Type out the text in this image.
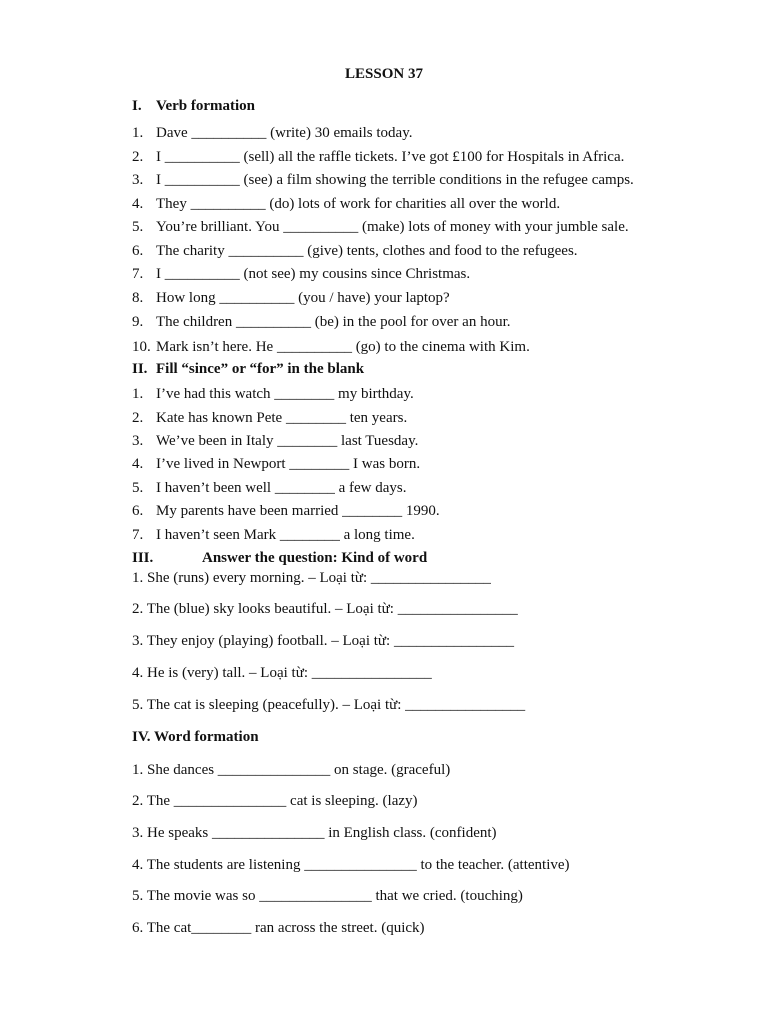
LESSON 37
I. Verb formation
1. Dave __________ (write) 30 emails today.
2. I __________ (sell) all the raffle tickets. I’ve got £100 for Hospitals in Africa.
3. I __________ (see) a film showing the terrible conditions in the refugee camps.
4. They __________ (do) lots of work for charities all over the world.
5. You’re brilliant. You __________ (make) lots of money with your jumble sale.
6. The charity __________ (give) tents, clothes and food to the refugees.
7. I __________ (not see) my cousins since Christmas.
8. How long __________ (you / have) your laptop?
9. The children __________ (be) in the pool for over an hour.
10. Mark isn’t here. He __________ (go) to the cinema with Kim.
II. Fill “since” or “for” in the blank
1. I’ve had this watch ________ my birthday.
2. Kate has known Pete ________ ten years.
3. We’ve been in Italy ________ last Tuesday.
4. I’ve lived in Newport ________ I was born.
5. I haven’t been well ________ a few days.
6. My parents have been married ________ 1990.
7. I haven’t seen Mark ________ a long time.
III.	Answer the question: Kind of word
1. She (runs) every morning. – Loại từ: ________________
2. The (blue) sky looks beautiful. – Loại từ: ________________
3. They enjoy (playing) football. – Loại từ: ________________
4. He is (very) tall. – Loại từ: ________________
5. The cat is sleeping (peacefully). – Loại từ: ________________
IV. Word formation
1. She dances _______________ on stage. (graceful)
2. The _______________ cat is sleeping. (lazy)
3. He speaks _______________ in English class. (confident)
4. The students are listening _______________ to the teacher. (attentive)
5. The movie was so _______________ that we cried. (touching)
6. The cat________ ran across the street. (quick)
